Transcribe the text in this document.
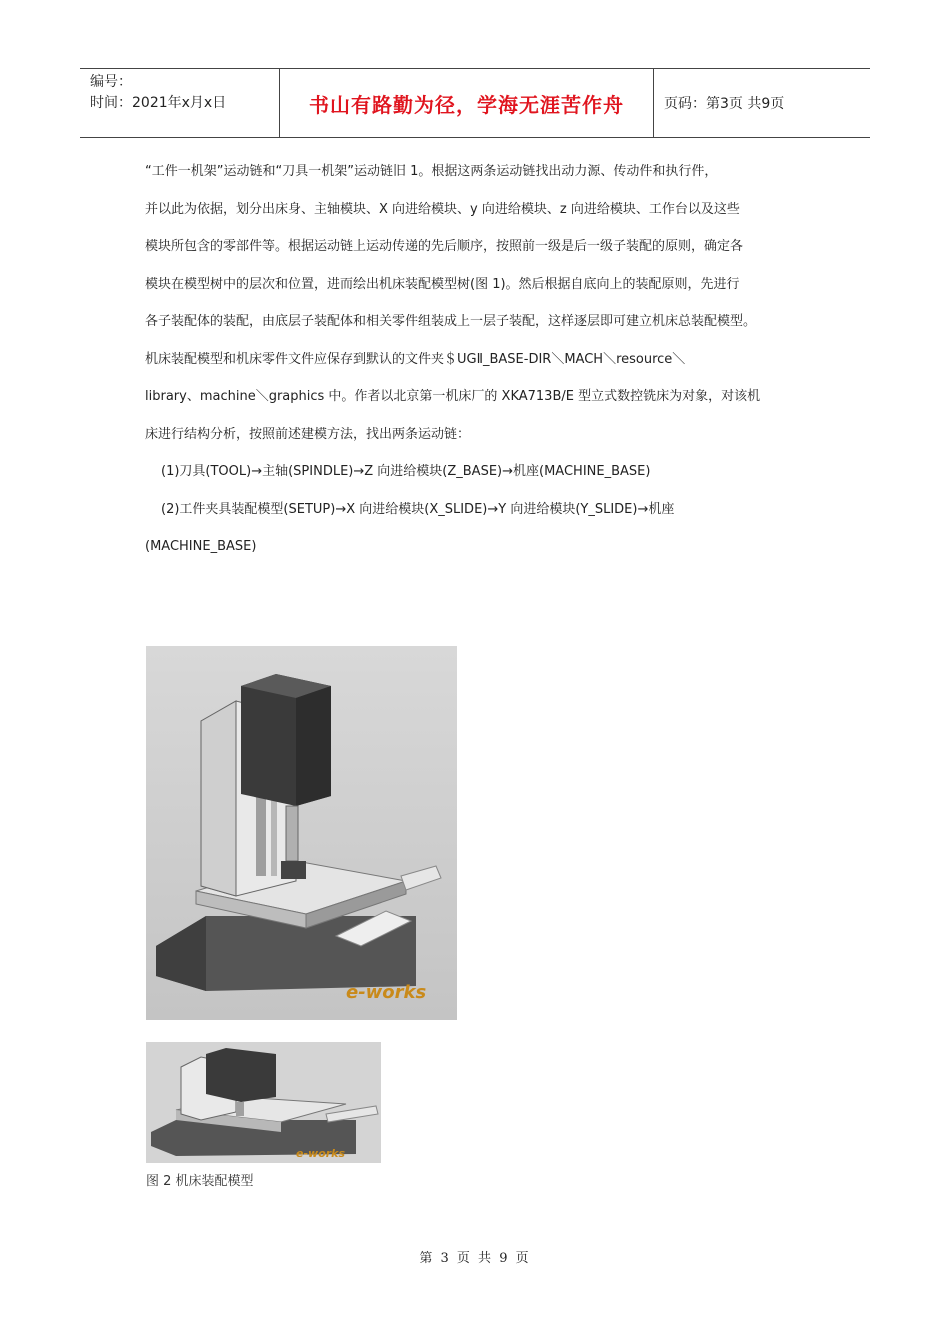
编号：
时间：2021年x月x日	书山有路勤为径，学海无涯苦作舟	页码：第3页 共9页
“工件一机架”运动链和“刀具一机架”运动链旧 1。根据这两条运动链找出动力源、传动件和执行件，
并以此为依据，划分出床身、主轴模块、X 向进给模块、y 向进给模块、z 向进给模块、工作台以及这些
模块所包含的零部件等。根据运动链上运动传递的先后顺序，按照前一级是后一级子装配的原则，确定各
模块在模型树中的层次和位置，进而绘出机床装配模型树(图 1)。然后根据自底向上的装配原则，先进行
各子装配体的装配，由底层子装配体和相关零件组装成上一层子装配，这样逐层即可建立机床总装配模型。
机床装配模型和机床零件文件应保存到默认的文件夹＄UGⅡ_BASE-DIR＼MACH＼resource＼
library、machine＼graphics 中。作者以北京第一机床厂的 XKA713B/E 型立式数控铣床为对象，对该机
床进行结构分析，按照前述建模方法，找出两条运动链：
(1)刀具(TOOL)→主轴(SPINDLE)→Z 向进给模块(Z_BASE)→机座(MACHINE_BASE)
(2)工件夹具装配模型(SETUP)→X 向进给模块(X_SLIDE)→Y 向进给模块(Y_SLIDE)→机座
(MACHINE_BASE)
e-works
e-works
图 2 机床装配模型
第 3 页 共 9 页
